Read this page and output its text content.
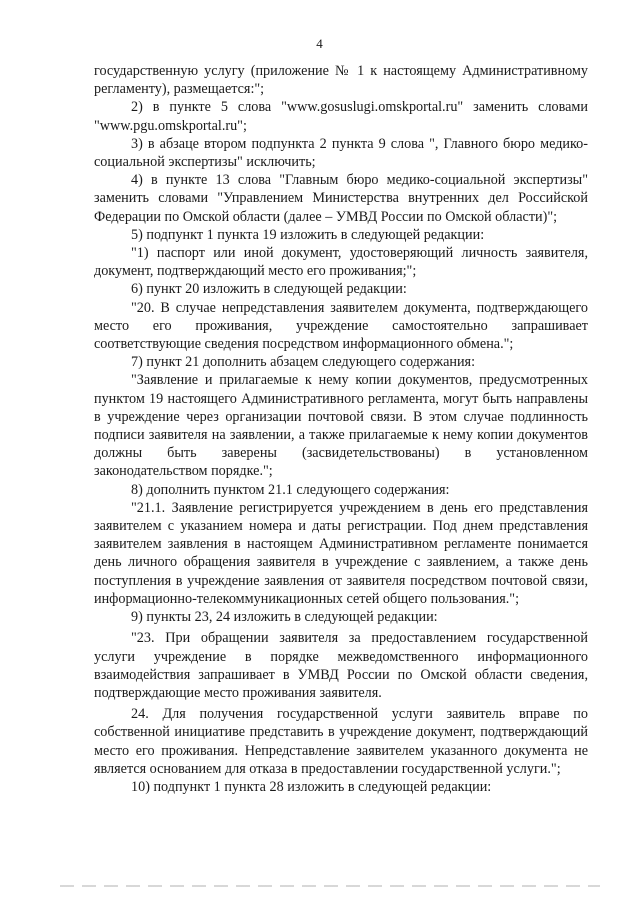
4

государственную услугу (приложение № 1 к настоящему Административному регламенту), размещается:";

2) в пункте 5 слова "www.gosuslugi.omskportal.ru" заменить словами "www.pgu.omskportal.ru";

3) в абзаце втором подпункта 2 пункта 9 слова ", Главного бюро медико-социальной экспертизы" исключить;

4) в пункте 13 слова "Главным бюро медико-социальной экспертизы" заменить словами "Управлением Министерства внутренних дел Российской Федерации по Омской области (далее – УМВД России по Омской области)";

5) подпункт 1 пункта 19 изложить в следующей редакции:

"1) паспорт или иной документ, удостоверяющий личность заявителя, документ, подтверждающий место его проживания;";

6) пункт 20 изложить в следующей редакции:

"20. В случае непредставления заявителем документа, подтверждающего место его проживания, учреждение самостоятельно запрашивает соответствующие сведения посредством информационного обмена.";

7) пункт 21 дополнить абзацем следующего содержания:

"Заявление и прилагаемые к нему копии документов, предусмотренных пунктом 19 настоящего Административного регламента, могут быть направлены в учреждение через организации почтовой связи. В этом случае подлинность подписи заявителя на заявлении, а также прилагаемые к нему копии документов должны быть заверены (засвидетельствованы) в установленном законодательством порядке.";

8) дополнить пунктом 21.1 следующего содержания:

"21.1. Заявление регистрируется учреждением в день его представления заявителем с указанием номера и даты регистрации. Под днем представления заявителем заявления в настоящем Административном регламенте понимается день личного обращения заявителя в учреждение с заявлением, а также день поступления в учреждение заявления от заявителя посредством почтовой связи, информационно-телекоммуникационных сетей общего пользования.";

9) пункты 23, 24 изложить в следующей редакции:

"23. При обращении заявителя за предоставлением государственной услуги учреждение в порядке межведомственного информационного взаимодействия запрашивает в УМВД России по Омской области сведения, подтверждающие место проживания заявителя.

24. Для получения государственной услуги заявитель вправе по собственной инициативе представить в учреждение документ, подтверждающий место его проживания. Непредставление заявителем указанного документа не является основанием для отказа в предоставлении государственной услуги.";

10) подпункт 1 пункта 28 изложить в следующей редакции:
